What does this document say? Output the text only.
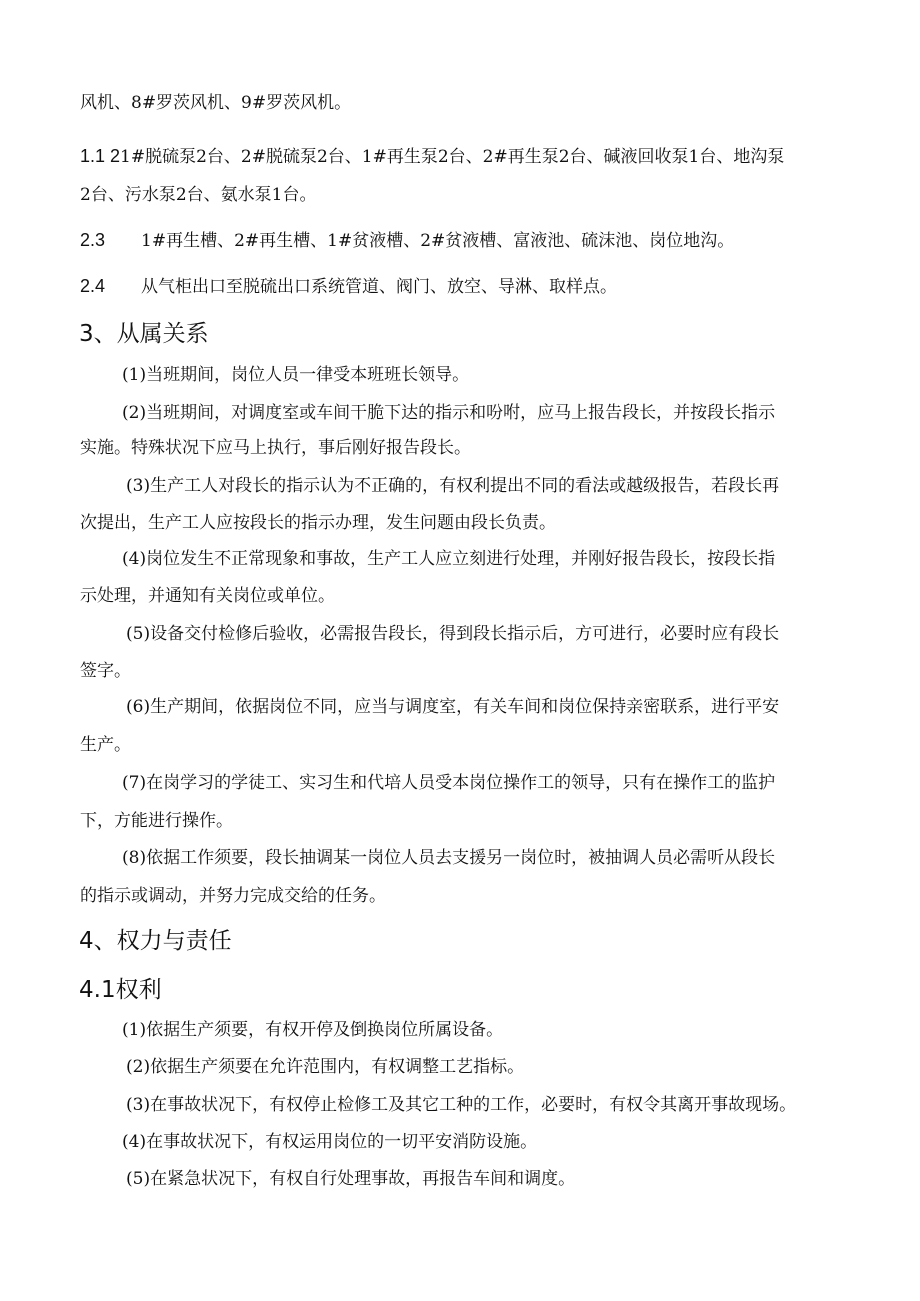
风机、8#罗茨风机、9#罗茨风机。
1.1 21#脱硫泵2台、2#脱硫泵2台、1#再生泵2台、2#再生泵2台、碱液回收泵1台、地沟泵
2台、污水泵2台、氨水泵1台。
2.3 1#再生槽、2#再生槽、1#贫液槽、2#贫液槽、富液池、硫沫池、岗位地沟。
2.4 从气柜出口至脱硫出口系统管道、阀门、放空、导淋、取样点。
3、从属关系
(1)当班期间，岗位人员一律受本班班长领导。
(2)当班期间，对调度室或车间干脆下达的指示和吩咐，应马上报告段长，并按段长指示
实施。特殊状况下应马上执行，事后刚好报告段长。
(3)生产工人对段长的指示认为不正确的，有权利提出不同的看法或越级报告，若段长再
次提出，生产工人应按段长的指示办理，发生问题由段长负责。
(4)岗位发生不正常现象和事故，生产工人应立刻进行处理，并刚好报告段长，按段长指
示处理，并通知有关岗位或单位。
(5)设备交付检修后验收，必需报告段长，得到段长指示后，方可进行，必要时应有段长
签字。
(6)生产期间，依据岗位不同，应当与调度室，有关车间和岗位保持亲密联系，进行平安
生产。
(7)在岗学习的学徒工、实习生和代培人员受本岗位操作工的领导，只有在操作工的监护
下，方能进行操作。
(8)依据工作须要，段长抽调某一岗位人员去支援另一岗位时，被抽调人员必需听从段长
的指示或调动，并努力完成交给的任务。
4、权力与责任
4.1权利
(1)依据生产须要，有权开停及倒换岗位所属设备。
(2)依据生产须要在允许范围内，有权调整工艺指标。
(3)在事故状况下，有权停止检修工及其它工种的工作，必要时，有权令其离开事故现场。
(4)在事故状况下，有权运用岗位的一切平安消防设施。
(5)在紧急状况下，有权自行处理事故，再报告车间和调度。
